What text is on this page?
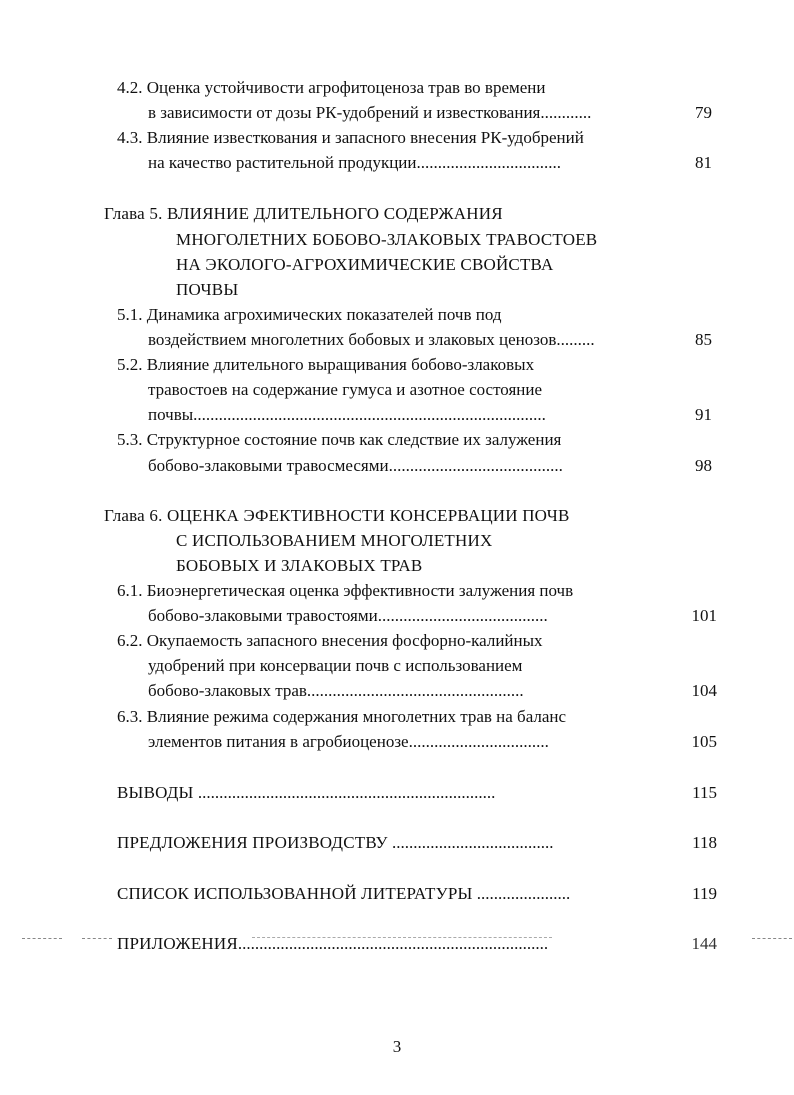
4.2. Оценка устойчивости агрофитоценоза трав во времени
в зависимости от дозы РК-удобрений и известкования............	79
4.3. Влияние известкования и запасного внесения РК-удобрений
на качество растительной продукции..................................	81
Глава 5. ВЛИЯНИЕ ДЛИТЕЛЬНОГО СОДЕРЖАНИЯ
МНОГОЛЕТНИХ БОБОВО-ЗЛАКОВЫХ ТРАВОСТОЕВ
НА ЭКОЛОГО-АГРОХИМИЧЕСКИЕ СВОЙСТВА
ПОЧВЫ
5.1. Динамика агрохимических показателей почв под
воздействием многолетних бобовых и злаковых ценозов.........	85
5.2. Влияние длительного выращивания бобово-злаковых
травостоев на содержание гумуса и азотное состояние
почвы...................................................................................	91
5.3. Структурное состояние почв как следствие их залужения
бобово-злаковыми травосмесями.........................................	98
Глава 6. ОЦЕНКА ЭФЕКТИВНОСТИ КОНСЕРВАЦИИ ПОЧВ
С ИСПОЛЬЗОВАНИЕМ МНОГОЛЕТНИХ
БОБОВЫХ И ЗЛАКОВЫХ ТРАВ
6.1. Биоэнергетическая оценка эффективности залужения почв
бобово-злаковыми травостоями........................................	101
6.2. Окупаемость запасного внесения фосфорно-калийных
удобрений при консервации почв с использованием
бобово-злаковых трав...................................................	104
6.3. Влияние режима содержания многолетних трав на баланс
элементов питания в агробиоценозе.................................	105
ВЫВОДЫ ......................................................................	115
ПРЕДЛОЖЕНИЯ ПРОИЗВОДСТВУ ......................................	118
СПИСОК ИСПОЛЬЗОВАННОЙ ЛИТЕРАТУРЫ ......................	119
ПРИЛОЖЕНИЯ.........................................................................	144
3
